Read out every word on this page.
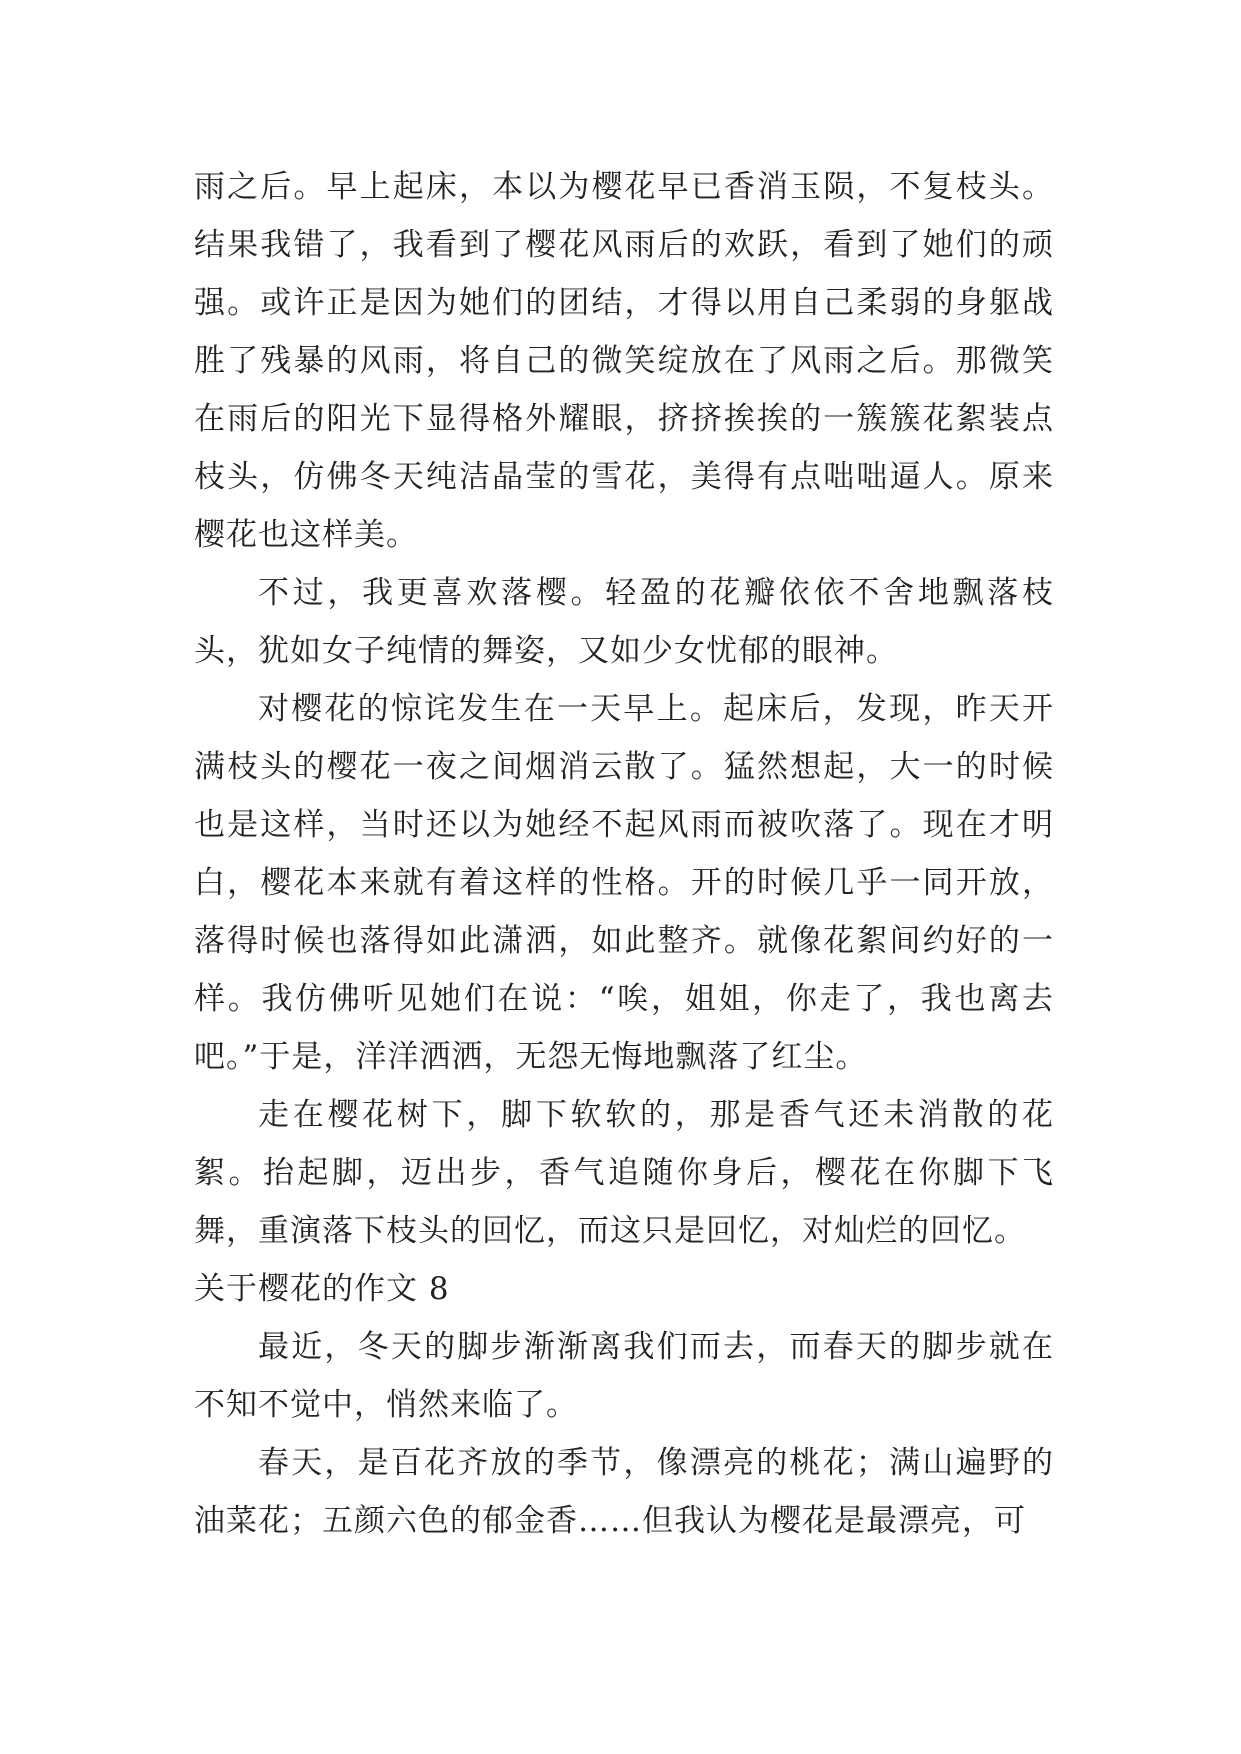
雨之后。早上起床，本以为樱花早已香消玉陨，不复枝头。结果我错了，我看到了樱花风雨后的欢跃，看到了她们的顽强。或许正是因为她们的团结，才得以用自己柔弱的身躯战胜了残暴的风雨，将自己的微笑绽放在了风雨之后。那微笑在雨后的阳光下显得格外耀眼，挤挤挨挨的一簇簇花絮装点枝头，仿佛冬天纯洁晶莹的雪花，美得有点咄咄逼人。原来樱花也这样美。

不过，我更喜欢落樱。轻盈的花瓣依依不舍地飘落枝头，犹如女子纯情的舞姿，又如少女忧郁的眼神。

对樱花的惊诧发生在一天早上。起床后，发现，昨天开满枝头的樱花一夜之间烟消云散了。猛然想起，大一的时候也是这样，当时还以为她经不起风雨而被吹落了。现在才明白，樱花本来就有着这样的性格。开的时候几乎一同开放，落得时候也落得如此潇洒，如此整齐。就像花絮间约好的一样。我仿佛听见她们在说：“唉，姐姐，你走了，我也离去吧。”于是，洋洋洒洒，无怨无悔地飘落了红尘。

走在樱花树下，脚下软软的，那是香气还未消散的花絮。抬起脚，迈出步，香气追随你身后，樱花在你脚下飞舞，重演落下枝头的回忆，而这只是回忆，对灿烂的回忆。

关于樱花的作文 8

最近，冬天的脚步渐渐离我们而去，而春天的脚步就在不知不觉中，悄然来临了。

春天，是百花齐放的季节，像漂亮的桃花；满山遍野的油菜花；五颜六色的郁金香……但我认为樱花是最漂亮，可
